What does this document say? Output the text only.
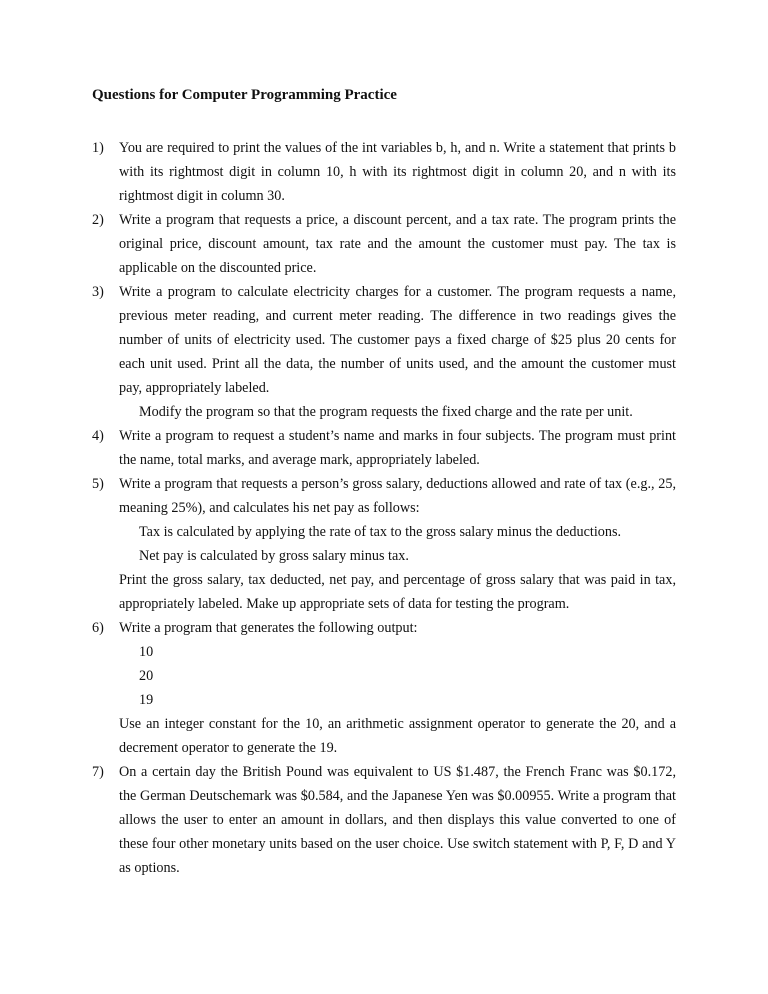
Questions for Computer Programming Practice
1) You are required to print the values of the int variables b, h, and n. Write a statement that prints b with its rightmost digit in column 10, h with its rightmost digit in column 20, and n with its rightmost digit in column 30.

2) Write a program that requests a price, a discount percent, and a tax rate. The program prints the original price, discount amount, tax rate and the amount the customer must pay. The tax is applicable on the discounted price.

3) Write a program to calculate electricity charges for a customer. The program requests a name, previous meter reading, and current meter reading. The difference in two readings gives the number of units of electricity used. The customer pays a fixed charge of $25 plus 20 cents for each unit used. Print all the data, the number of units used, and the amount the customer must pay, appropriately labeled.

Modify the program so that the program requests the fixed charge and the rate per unit.

4) Write a program to request a student’s name and marks in four subjects. The program must print the name, total marks, and average mark, appropriately labeled.

5) Write a program that requests a person’s gross salary, deductions allowed and rate of tax (e.g., 25, meaning 25%), and calculates his net pay as follows:

Tax is calculated by applying the rate of tax to the gross salary minus the deductions.

Net pay is calculated by gross salary minus tax.

Print the gross salary, tax deducted, net pay, and percentage of gross salary that was paid in tax, appropriately labeled. Make up appropriate sets of data for testing the program.

6) Write a program that generates the following output:

10

20

19

Use an integer constant for the 10, an arithmetic assignment operator to generate the 20, and a decrement operator to generate the 19.

7) On a certain day the British Pound was equivalent to US $1.487, the French Franc was $0.172, the German Deutschemark was $0.584, and the Japanese Yen was $0.00955. Write a program that allows the user to enter an amount in dollars, and then displays this value converted to one of these four other monetary units based on the user choice. Use switch statement with P, F, D and Y as options.
